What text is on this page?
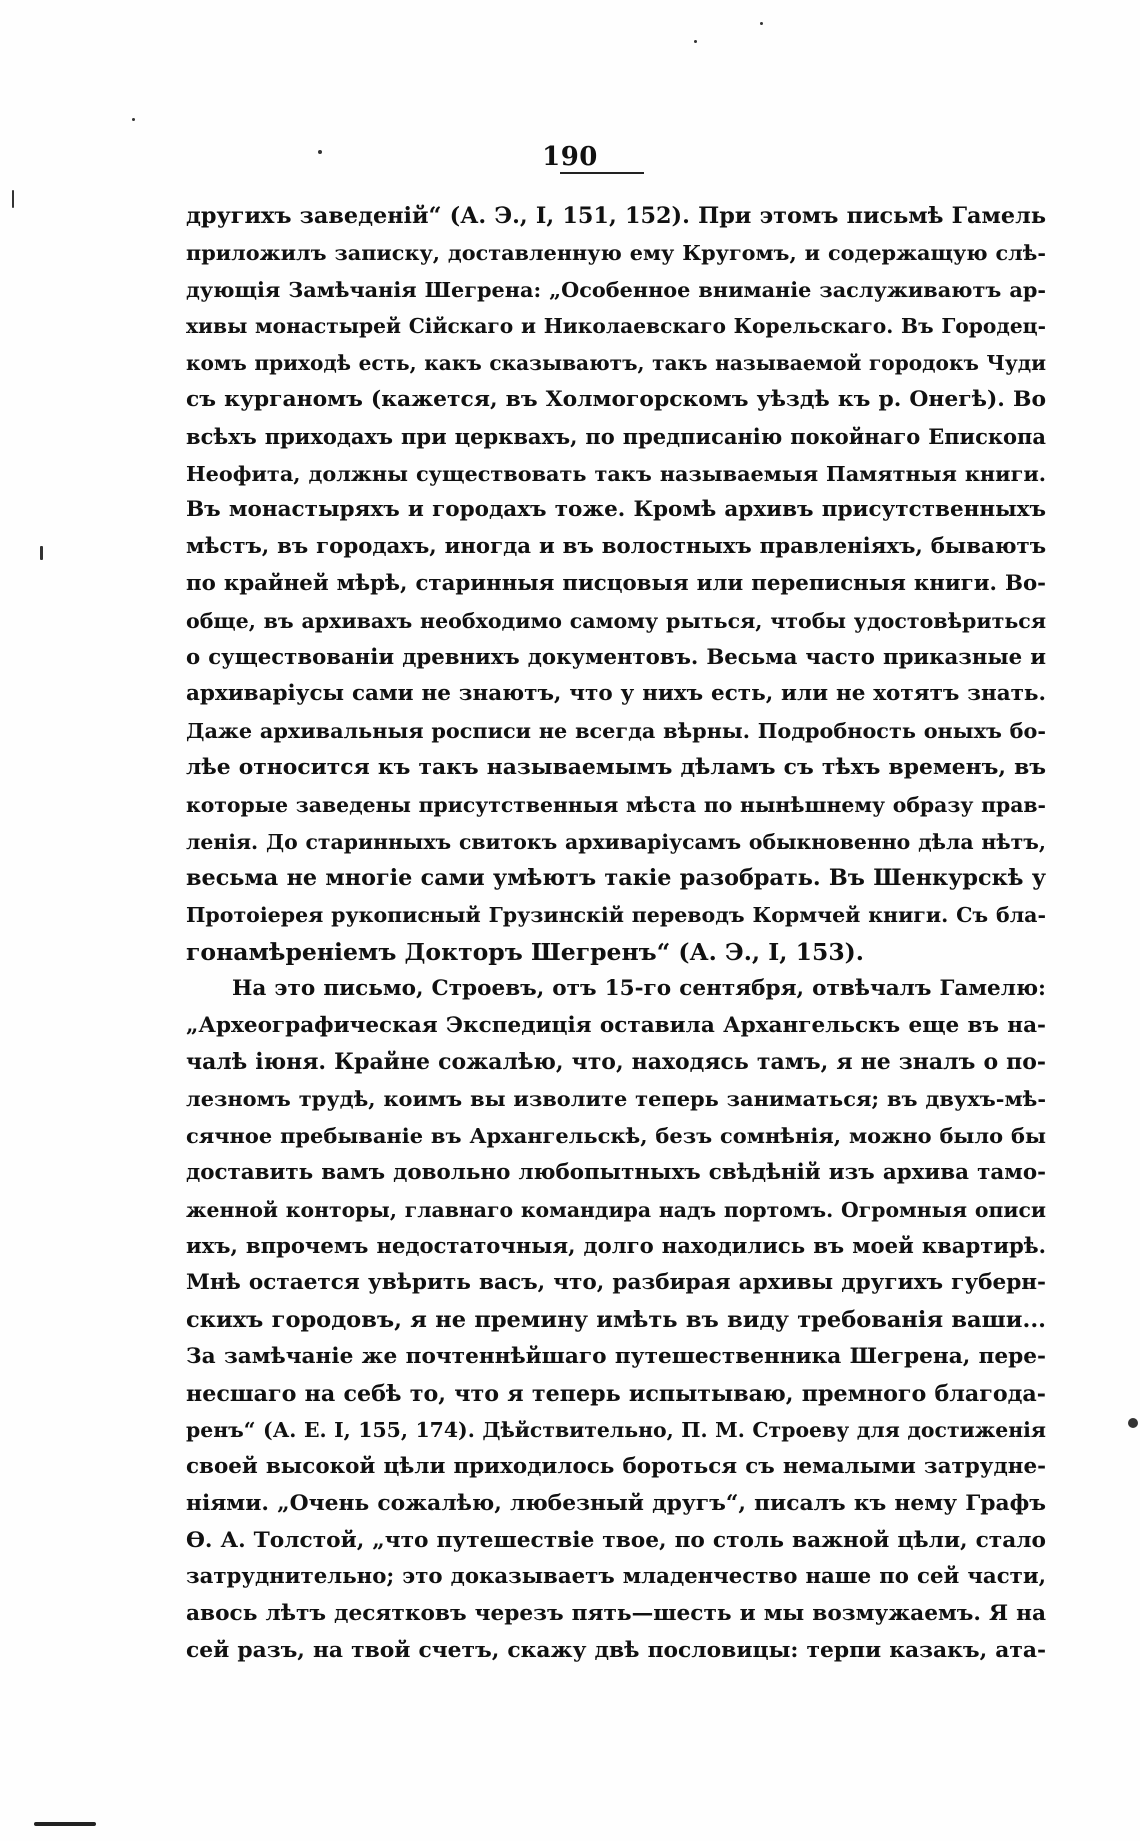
190
другихъ заведеній“ (А. Э., І, 151, 152). При этомъ письмѣ Гамель
приложилъ записку, доставленную ему Кругомъ, и содержащую слѣ-
дующія Замѣчанія Шегрена: „Особенное вниманіе заслуживаютъ ар-
хивы монастырей Сійскаго и Николаевскаго Корельскаго. Въ Городец-
комъ приходѣ есть, какъ сказываютъ, такъ называемой городокъ Чуди
съ курганомъ (кажется, въ Холмогорскомъ уѣздѣ къ р. Онегѣ). Во
всѣхъ приходахъ при церквахъ, по предписанію покойнаго Епископа
Неофита, должны существовать такъ называемыя Памятныя книги.
Въ монастыряхъ и городахъ тоже. Кромѣ архивъ присутственныхъ
мѣстъ, въ городахъ, иногда и въ волостныхъ правленіяхъ, бываютъ
по крайней мѣрѣ, старинныя писцовыя или переписныя книги. Во-
обще, въ архивахъ необходимо самому рыться, чтобы удостовѣриться
о существованіи древнихъ документовъ. Весьма часто приказные и
архиваріусы сами не знаютъ, что у нихъ есть, или не хотятъ знать.
Даже архивальныя росписи не всегда вѣрны. Подробность оныхъ бо-
лѣе относится къ такъ называемымъ дѣламъ съ тѣхъ временъ, въ
которые заведены присутственныя мѣста по нынѣшнему образу прав-
ленія. До старинныхъ свитокъ архиваріусамъ обыкновенно дѣла нѣтъ,
весьма не многіе сами умѣютъ такіе разобрать. Въ Шенкурскѣ у
Протоіерея рукописный Грузинскій переводъ Кормчей книги. Съ бла-
гонамѣреніемъ Докторъ Шегренъ“ (А. Э., І, 153).
На это письмо, Строевъ, отъ 15-го сентября, отвѣчалъ Гамелю:
„Археографическая Экспедиція оставила Архангельскъ еще въ на-
чалѣ іюня. Крайне сожалѣю, что, находясь тамъ, я не зналъ о по-
лезномъ трудѣ, коимъ вы изволите теперь заниматься; въ двухъ-мѣ-
сячное пребываніе въ Архангельскѣ, безъ сомнѣнія, можно было бы
доставить вамъ довольно любопытныхъ свѣдѣній изъ архива тамо-
женной конторы, главнаго командира надъ портомъ. Огромныя описи
ихъ, впрочемъ недостаточныя, долго находились въ моей квартирѣ.
Мнѣ остается увѣрить васъ, что, разбирая архивы другихъ губерн-
скихъ городовъ, я не премину имѣть въ виду требованія ваши...
За замѣчаніе же почтеннѣйшаго путешественника Шегрена, пере-
несшаго на себѣ то, что я теперь испытываю, премного благода-
ренъ“ (А. Е. І, 155, 174). Дѣйствительно, П. М. Строеву для достиженія
своей высокой цѣли приходилось бороться съ немалыми затрудне-
ніями. „Очень сожалѣю, любезный другъ“, писалъ къ нему Графъ
Ѳ. А. Толстой, „что путешествіе твое, по столь важной цѣли, стало
затруднительно; это доказываетъ младенчество наше по сей части,
авось лѣтъ десятковъ черезъ пять—шесть и мы возмужаемъ. Я на
сей разъ, на твой счетъ, скажу двѣ пословицы: терпи казакъ, ата-
